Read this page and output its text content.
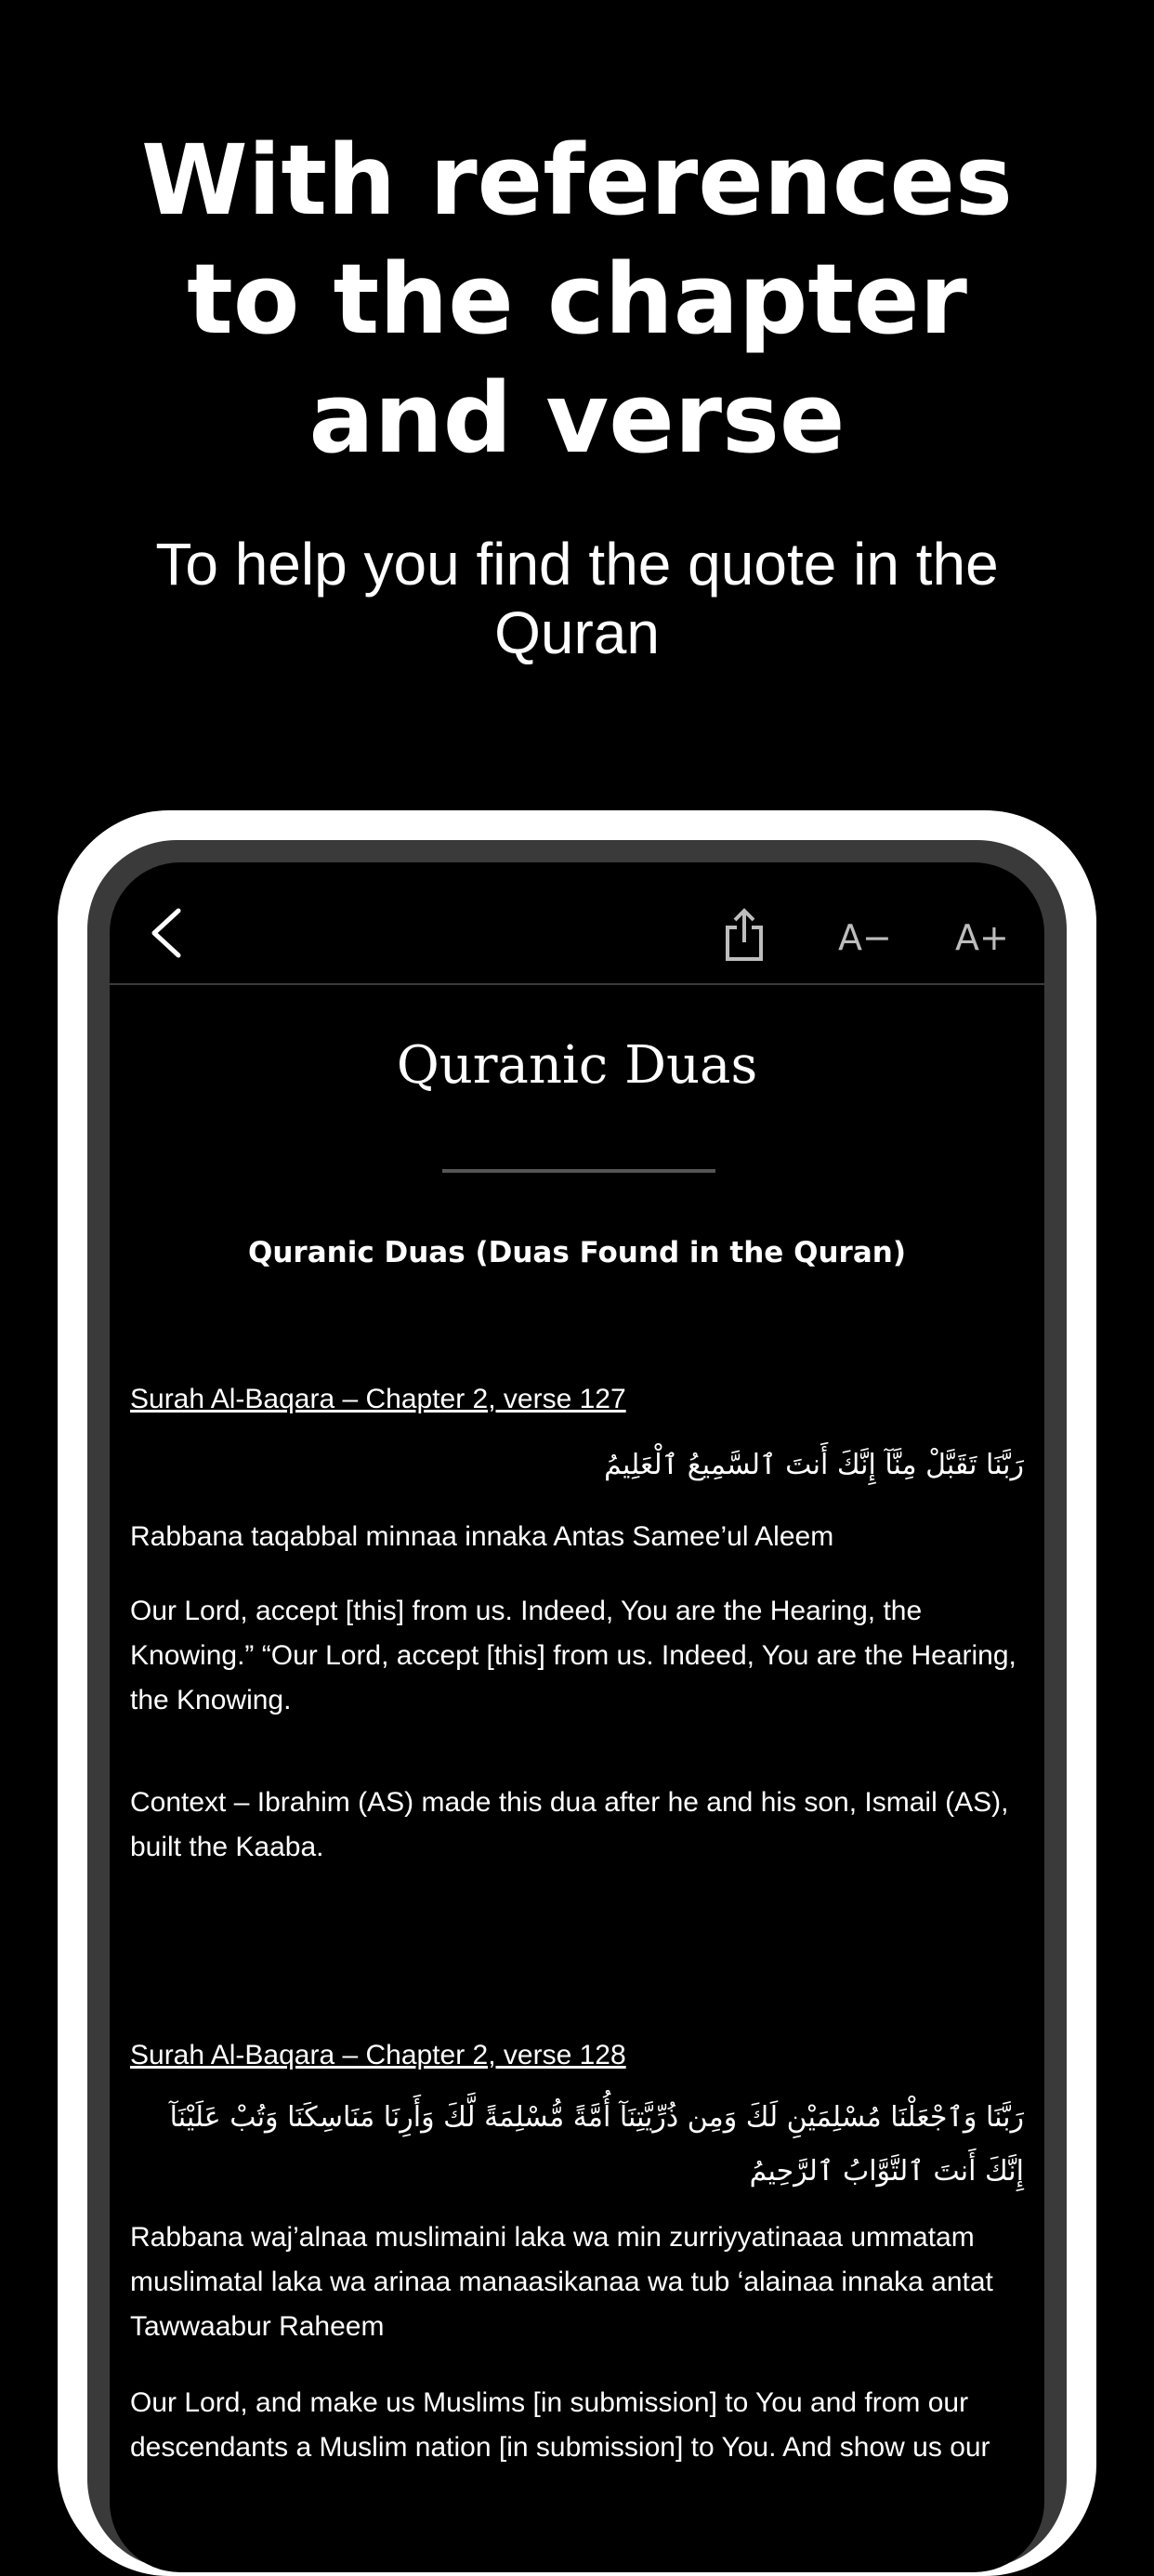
With references to the chapter and verse
To help you find the quote in the Quran
A− A+
Quranic Duas
Quranic Duas (Duas Found in the Quran)
Surah Al-Baqara – Chapter 2, verse 127
رَبَّنَا تَقَبَّلْ مِنَّآ إِنَّكَ أَنتَ ٱلسَّمِيعُ ٱلْعَلِيمُ
Rabbana taqabbal minnaa innaka Antas Samee’ul Aleem
Our Lord, accept [this] from us. Indeed, You are the Hearing, the Knowing.” “Our Lord, accept [this] from us. Indeed, You are the Hearing, the Knowing.
Context – Ibrahim (AS) made this dua after he and his son, Ismail (AS), built the Kaaba.
Surah Al-Baqara – Chapter 2, verse 128
رَبَّنَا وَٱجْعَلْنَا مُسْلِمَيْنِ لَكَ وَمِن ذُرِّيَّتِنَآ أُمَّةً مُّسْلِمَةً لَّكَ وَأَرِنَا مَنَاسِكَنَا وَتُبْ عَلَيْنَآ إِنَّكَ أَنتَ ٱلتَّوَّابُ ٱلرَّحِيمُ
Rabbana waj’alnaa muslimaini laka wa min zurriyyatinaaa ummatam muslimatal laka wa arinaa manaasikanaa wa tub ‘alainaa innaka antat Tawwaabur Raheem
Our Lord, and make us Muslims [in submission] to You and from our descendants a Muslim nation [in submission] to You. And show us our
